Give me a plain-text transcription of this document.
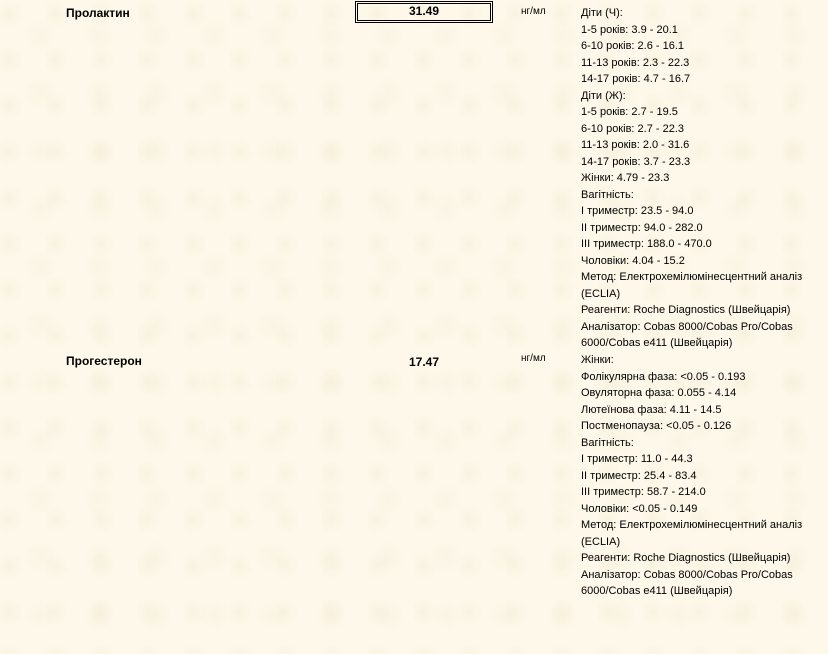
Пролактин	31.49	нг/мл	Діти (Ч):
1-5 років: 3.9 - 20.1
6-10 років: 2.6 - 16.1
11-13 років: 2.3 - 22.3
14-17 років: 4.7 - 16.7
Діти (Ж):
1-5 років: 2.7 - 19.5
6-10 років: 2.7 - 22.3
11-13 років: 2.0 - 31.6
14-17 років: 3.7 - 23.3
Жінки: 4.79 - 23.3
Вагітність:
I триместр: 23.5 - 94.0
II триместр: 94.0 - 282.0
III триместр: 188.0 - 470.0
Чоловіки: 4.04 - 15.2
Метод: Електрохемілюмінесцентний аналіз
(ECLIA)
Реагенти: Roche Diagnostics (Швейцарія)
Аналізатор: Cobas 8000/Cobas Pro/Cobas
6000/Cobas e411 (Швейцарія)
Прогестерон	17.47	нг/мл	Жінки:
Фолікулярна фаза: <0.05 - 0.193
Овуляторна фаза: 0.055 - 4.14
Лютеїнова фаза: 4.11 - 14.5
Постменопауза: <0.05 - 0.126
Вагітність:
I триместр: 11.0 - 44.3
II триместр: 25.4 - 83.4
III триместр: 58.7 - 214.0
Чоловіки: <0.05 - 0.149
Метод: Електрохемілюмінесцентний аналіз
(ECLIA)
Реагенти: Roche Diagnostics (Швейцарія)
Аналізатор: Cobas 8000/Cobas Pro/Cobas
6000/Cobas e411 (Швейцарія)
